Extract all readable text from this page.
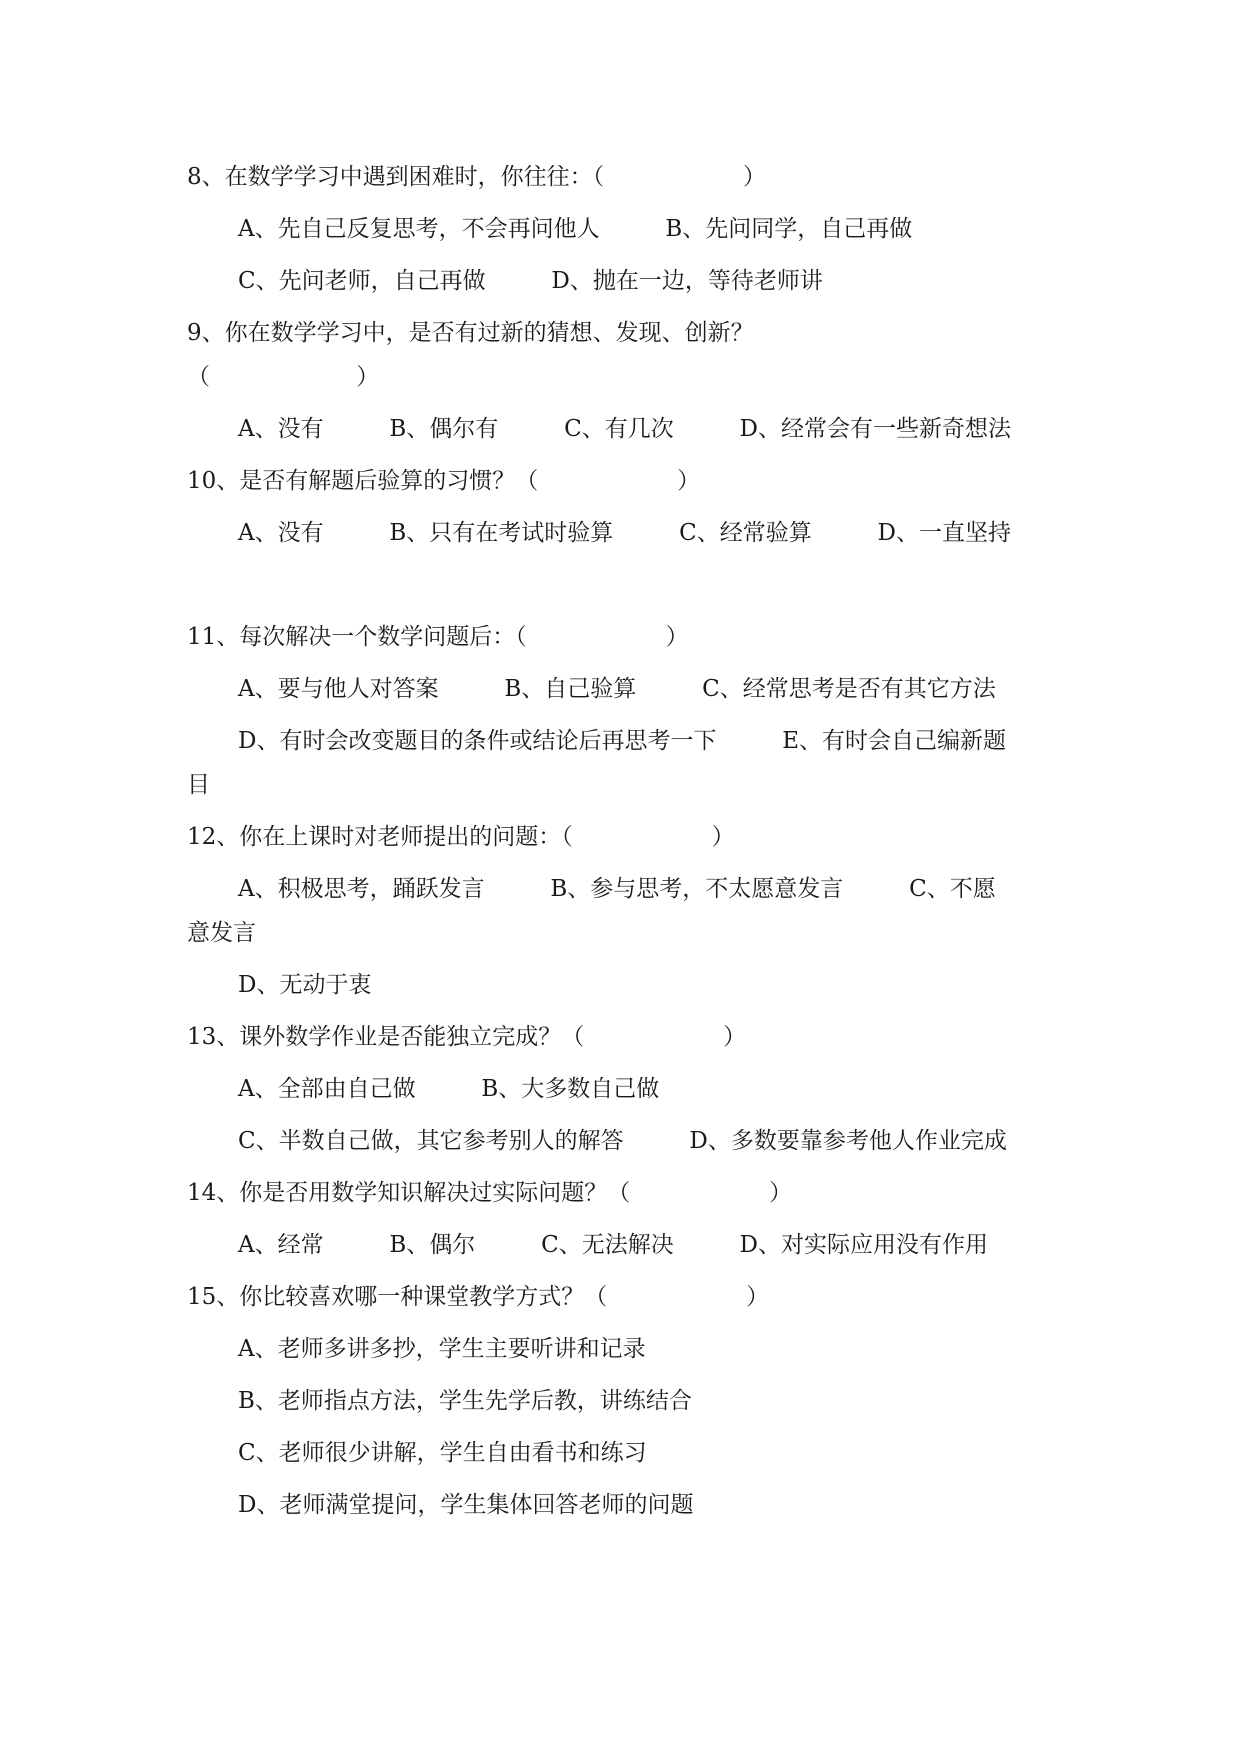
8、在数学学习中遇到困难时，你往往：（                   ）
A、先自己反复思考，不会再问他人         B、先问同学，自己再做
C、先问老师，自己再做         D、抛在一边，等待老师讲
9、你在数学学习中，是否有过新的猜想、发现、创新？
（                    ）
A、没有         B、偶尔有         C、有几次         D、经常会有一些新奇想法
10、是否有解题后验算的习惯？（                   ）
A、没有         B、只有在考试时验算         C、经常验算         D、一直坚持
11、每次解决一个数学问题后：（                   ）
A、要与他人对答案         B、自己验算         C、经常思考是否有其它方法
D、有时会改变题目的条件或结论后再思考一下         E、有时会自己编新题
目
12、你在上课时对老师提出的问题：（                   ）
A、积极思考，踊跃发言         B、参与思考，不太愿意发言         C、不愿
意发言
D、无动于衷
13、课外数学作业是否能独立完成？（                   ）
A、全部由自己做         B、大多数自己做
C、半数自己做，其它参考别人的解答         D、多数要靠参考他人作业完成
14、你是否用数学知识解决过实际问题？（                   ）
A、经常         B、偶尔         C、无法解决         D、对实际应用没有作用
15、你比较喜欢哪一种课堂教学方式？（                   ）
A、老师多讲多抄，学生主要听讲和记录
B、老师指点方法，学生先学后教，讲练结合
C、老师很少讲解，学生自由看书和练习
D、老师满堂提问，学生集体回答老师的问题
